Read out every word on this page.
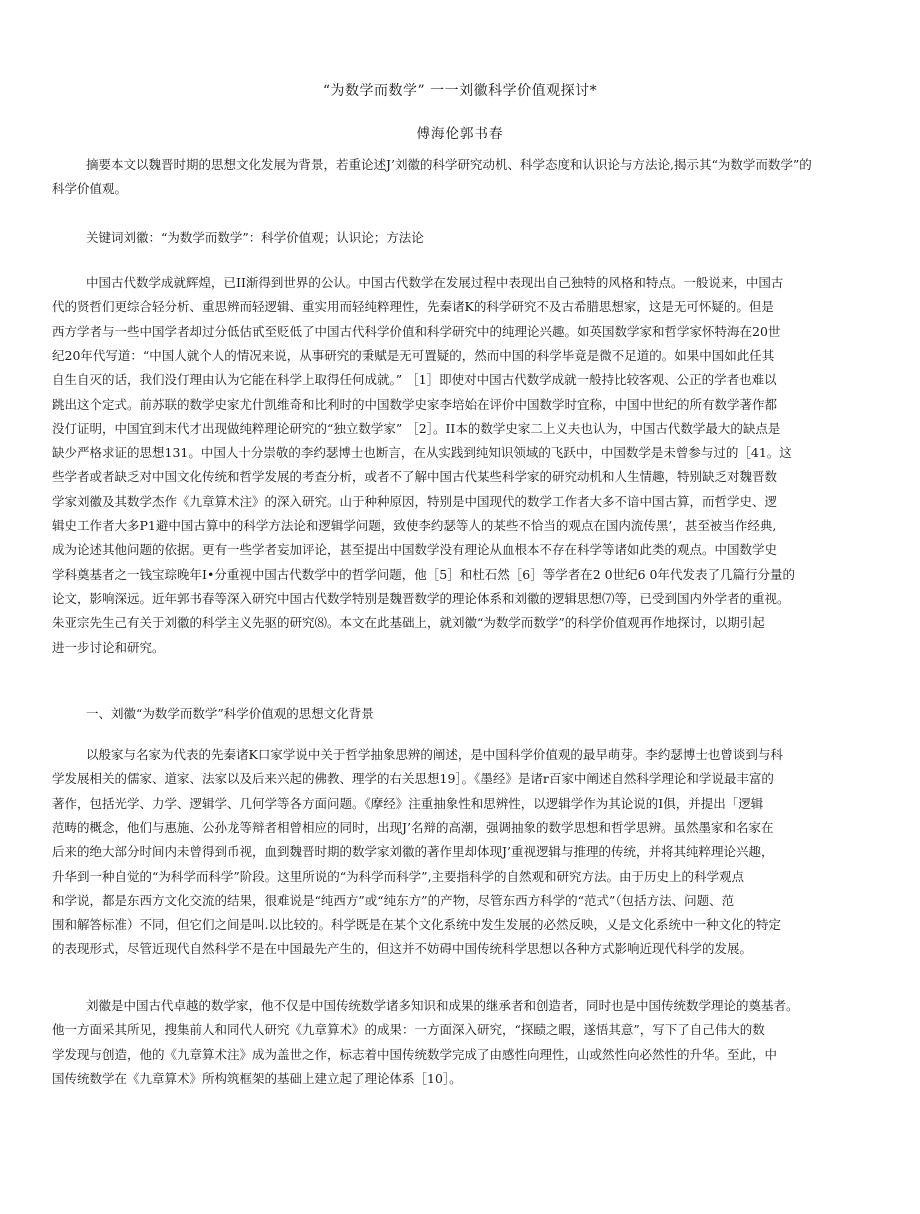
“为数学而数学” 一一刘徽科学价值观探讨*
傅海伦郭书春
摘要本文以魏晋时期的思想文化发展为背景，若重论述J’刘徽的科学研究动机、科学态度和认识论与方法论,揭示其“为数学而数学”的科学价值观。
关键词刘徽：“为数学而数学”：科学价值观；认识论；方法论
中国古代数学成就辉煌，已II渐得到世界的公认。中国古代数学在发展过程中表现出自己独特的风格和特点。一般说来，中国古
代的贤哲们更综合轻分析、重思辨而轻逻辑、重实用而轻纯粹理性，先秦诸K的科学研究不及古希腊思想家，这是无可怀疑的。但是
西方学者与一些中国学者却过分低估甙至贬低了中国古代科学价值和科学研究中的纯理论兴趣。如英国数学家和哲学家怀特海在20世
纪20年代写道：“中国人就个人的情况来说，从事研究的秉赋是无可置疑的，然而中国的科学毕竟是微不足道的。如果中国如此任其
自生自灭的话，我们没仃理由认为它能在科学上取得任何成就。” ［1］即使对中国古代数学成就一般持比较客观、公正的学者也难以
跳出这个定式。前苏联的数学史家尤什凯维奇和比利时的中国数学史家李培始在评价中国数学时宜称，中国中世纪的所有数学著作都
没仃证明，中国宜到末代才出现做纯粹理论研究的“独立数学家” ［2］。II本的数学史家二上义夫也认为，中国古代数学最大的缺点是
缺少严格求证的思想131。中国人十分崇敬的李约瑟博士也断言，在从实践到纯知识领域的飞跃中，中国数学是未曾参与过的［41。这
些学者或者缺乏对中国文化传统和哲学发展的考查分析，或者不了解中国古代某些科学家的研究动机和人生情趣，特别缺乏对魏晋数
学家刘徽及其数学杰作《九章算术注》的深入研究。山于种种原因，特别是中国现代的数学工作者大多不谙中国古算，而哲学史、逻
辑史工作者大多P1避中国古算中的科学方法论和逻辑学问题，致使李约瑟等人的某些不恰当的观点在国内流传黑’，甚至被当作经典,
成为论述其他问题的依据。更有一些学者妄加评论，甚至提出中国数学没有理论从血根本不存在科学等诸如此类的观点。中国数学史
学科奠基者之一钱宝琮晚年I•分重视中国古代数学中的哲学问题，他［5］和杜石然［6］等学者在2 0世纪6 0年代发表了几篇行分量的
论文，影响深远。近年郭书春等深入研究中国古代数学特别是魏晋数学的理论体系和刘徽的逻辑思想⑺等，已受到国内外学者的重视。
朱亚宗先生己有关于刘徽的科学主义先驱的研究⑻。本文在此基础上，就刘徽“为数学而数学”的科学价值观再作地探讨，以期引起
进一步讨论和研究。
一、刘徽“为数学而数学”科学价值观的思想文化背景
以般家与名家为代表的先秦诸K口家学说中关于哲学抽象思辨的阐述，是中国科学价值观的最早萌芽。李约瑟博士也曾谈到与科
学发展相关的儒家、道家、法家以及后来兴起的佛教、理学的右关思想19］。《墨经》是诸r百家中阐述自然科学理论和学说最丰富的
著作，包括光学、力学、逻辑学、几何学等各方面问题。《摩经》注重抽象性和思辨性，以逻辑学作为其论说的I俱，并提出「逻辑
范畴的概念，他们与惠施、公孙龙等辩者相曾相应的同时，出现J’名辩的高潮，强调抽象的数学思想和哲学思辨。虽然墨家和名家在
后来的绝大部分时间内未曾得到币视，血到魏晋时期的数学家刘徽的著作里却体现J’重视逻辑与推理的传统，并将其纯粹理论兴趣，
升华到一种自觉的“为科学而科学”阶段。这里所说的“为科学而科学”,主要指科学的自然观和研究方法。由于历史上的科学观点
和学说，都是东西方文化交流的结果，很难说是“纯西方”或“纯东方”的产物，尽管东西方科学的“范式”（包括方法、问题、范
围和解答标准）不同，但它们之间是叫.以比较的。科学既是在某个文化系统中发生发展的必然反映，乂是文化系统中一种文化的特定
的表现形式，尽管近现代自然科学不是在中国最先产生的，但这并不妨碍中国传统科学思想以各种方式影响近现代科学的发展。
刘徽是中国古代卓越的数学家，他不仅是中国传统数学诸多知识和成果的继承者和创造者，同时也是中国传统数学理论的奠基者。
他一方面采其所见，搜集前人和同代人研究《九章算术》的成果：一方面深入研究，“探赜之暇，遂悟其意”，写下了自己伟大的数
学发现与创造，他的《九章算术注》成为盖世之作，标志着中国传统数学完成了由感性向理性，山或然性向必然性的升华。至此，中
国传统数学在《九章算术》所构筑框架的基础上建立起了理论体系［10］。
